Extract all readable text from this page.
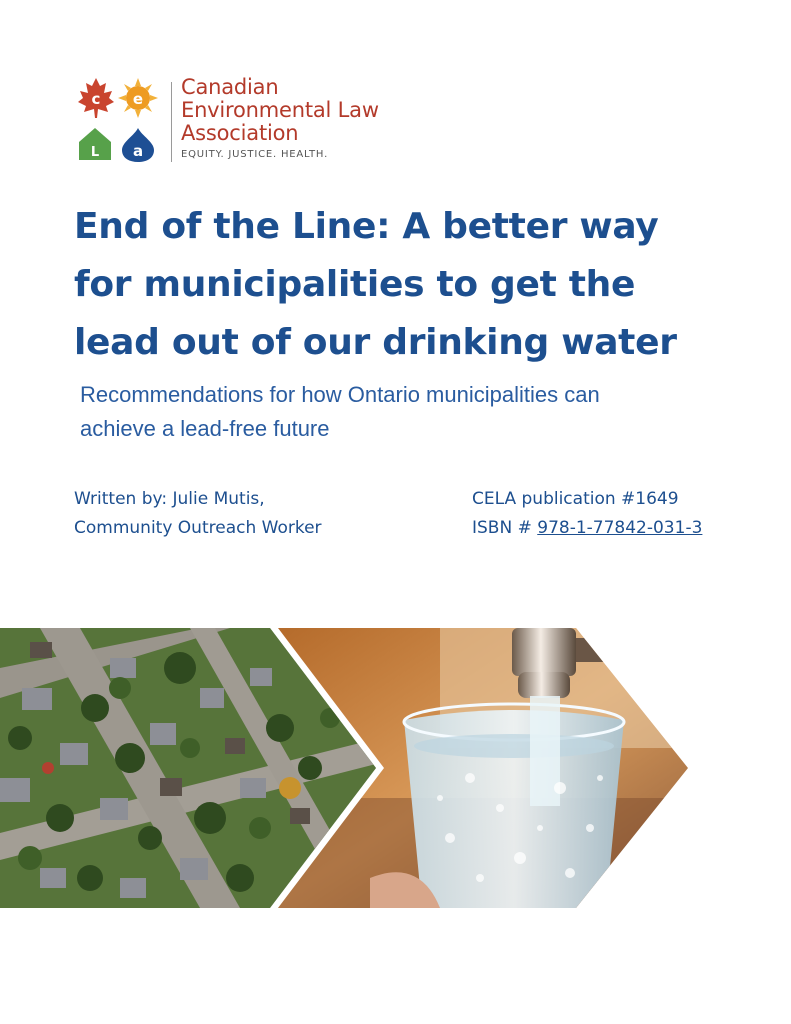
c e
L a
Canadian
Environmental Law
Association
EQUITY. JUSTICE. HEALTH.
End of the Line: A better way
for municipalities to get the
lead out of our drinking water
Recommendations for how Ontario municipalities can
achieve a lead-free future
Written by: Julie Mutis,
Community Outreach Worker
CELA publication #1649
ISBN # 978-1-77842-031-3
